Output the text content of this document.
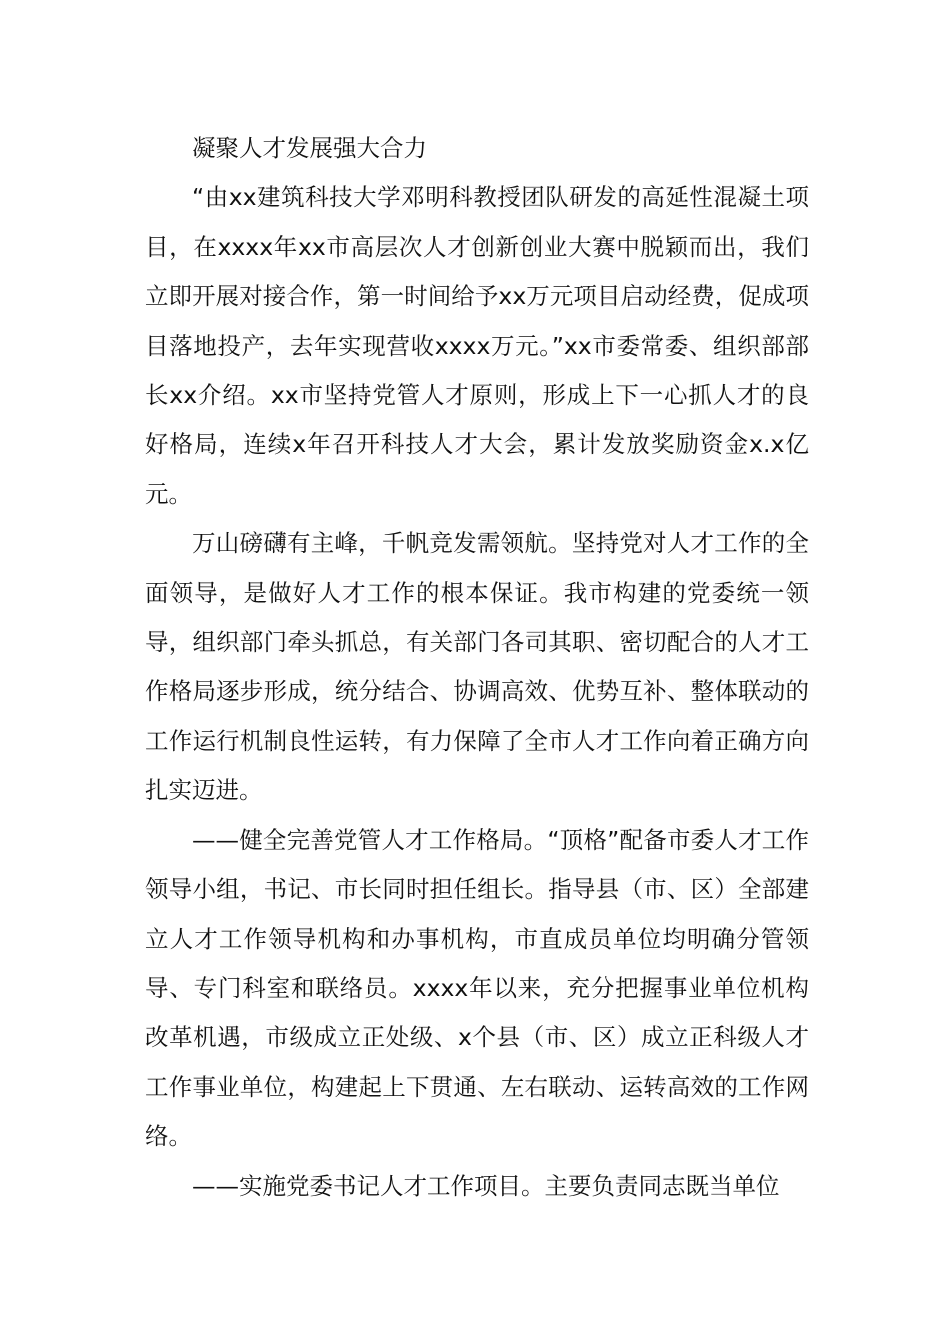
凝聚人才发展强大合力

“由xx建筑科技大学邓明科教授团队研发的高延性混凝土项目，在xxxx年xx市高层次人才创新创业大赛中脱颖而出，我们立即开展对接合作，第一时间给予xx万元项目启动经费，促成项目落地投产，去年实现营收xxxx万元。”xx市委常委、组织部部长xx介绍。xx市坚持党管人才原则，形成上下一心抓人才的良好格局，连续x年召开科技人才大会，累计发放奖励资金x.x亿元。

万山磅礴有主峰，千帆竞发需领航。坚持党对人才工作的全面领导，是做好人才工作的根本保证。我市构建的党委统一领导，组织部门牵头抓总，有关部门各司其职、密切配合的人才工作格局逐步形成，统分结合、协调高效、优势互补、整体联动的工作运行机制良性运转，有力保障了全市人才工作向着正确方向扎实迈进。

——健全完善党管人才工作格局。“顶格”配备市委人才工作领导小组，书记、市长同时担任组长。指导县（市、区）全部建立人才工作领导机构和办事机构，市直成员单位均明确分管领导、专门科室和联络员。xxxx年以来，充分把握事业单位机构改革机遇，市级成立正处级、x个县（市、区）成立正科级人才工作事业单位，构建起上下贯通、左右联动、运转高效的工作网络。

——实施党委书记人才工作项目。主要负责同志既当单位
